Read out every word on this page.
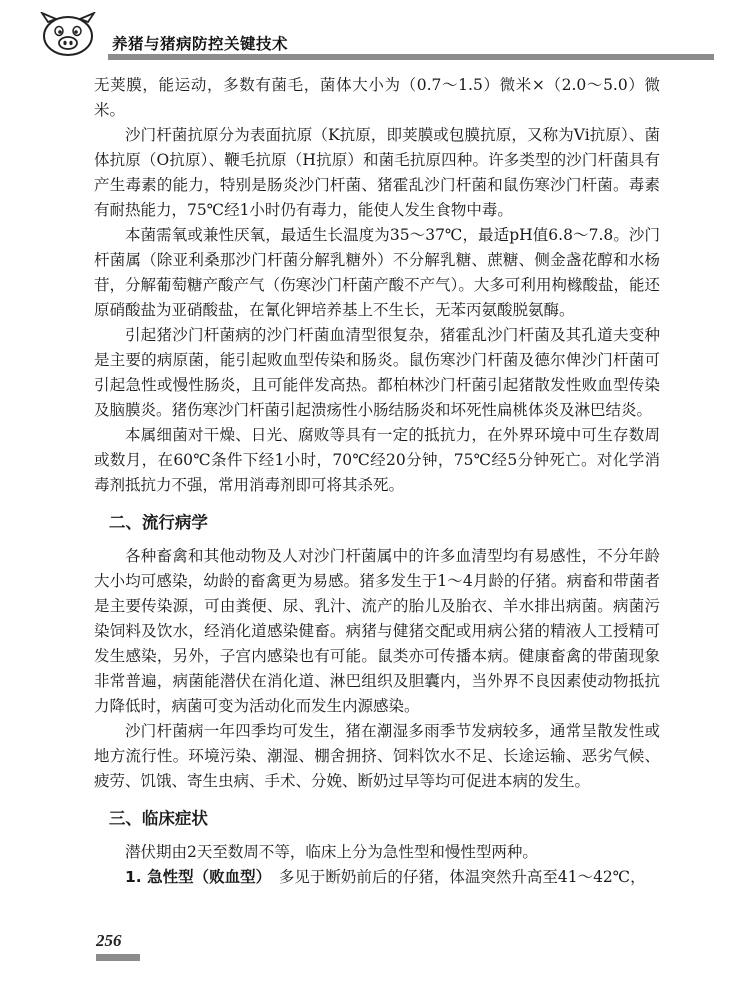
养猪与猪病防控关键技术

无荚膜，能运动，多数有菌毛，菌体大小为（0.7～1.5）微米×（2.0～5.0）微米。

沙门杆菌抗原分为表面抗原（K抗原，即荚膜或包膜抗原，又称为Vi抗原）、菌体抗原（O抗原）、鞭毛抗原（H抗原）和菌毛抗原四种。许多类型的沙门杆菌具有产生毒素的能力，特别是肠炎沙门杆菌、猪霍乱沙门杆菌和鼠伤寒沙门杆菌。毒素有耐热能力，75℃经1小时仍有毒力，能使人发生食物中毒。

本菌需氧或兼性厌氧，最适生长温度为35～37℃，最适pH值6.8～7.8。沙门杆菌属（除亚利桑那沙门杆菌分解乳糖外）不分解乳糖、蔗糖、侧金盏花醇和水杨苷，分解葡萄糖产酸产气（伤寒沙门杆菌产酸不产气）。大多可利用枸橼酸盐，能还原硝酸盐为亚硝酸盐，在氰化钾培养基上不生长，无苯丙氨酸脱氨酶。

引起猪沙门杆菌病的沙门杆菌血清型很复杂，猪霍乱沙门杆菌及其孔道夫变种是主要的病原菌，能引起败血型传染和肠炎。鼠伤寒沙门杆菌及德尔俾沙门杆菌可引起急性或慢性肠炎，且可能伴发高热。都柏林沙门杆菌引起猪散发性败血型传染及脑膜炎。猪伤寒沙门杆菌引起溃疡性小肠结肠炎和坏死性扁桃体炎及淋巴结炎。

本属细菌对干燥、日光、腐败等具有一定的抵抗力，在外界环境中可生存数周或数月，在60℃条件下经1小时，70℃经20分钟，75℃经5分钟死亡。对化学消毒剂抵抗力不强，常用消毒剂即可将其杀死。

二、流行病学

各种畜禽和其他动物及人对沙门杆菌属中的许多血清型均有易感性，不分年龄大小均可感染，幼龄的畜禽更为易感。猪多发生于1～4月龄的仔猪。病畜和带菌者是主要传染源，可由粪便、尿、乳汁、流产的胎儿及胎衣、羊水排出病菌。病菌污染饲料及饮水，经消化道感染健畜。病猪与健猪交配或用病公猪的精液人工授精可发生感染，另外，子宫内感染也有可能。鼠类亦可传播本病。健康畜禽的带菌现象非常普遍，病菌能潜伏在消化道、淋巴组织及胆囊内，当外界不良因素使动物抵抗力降低时，病菌可变为活动化而发生内源感染。

沙门杆菌病一年四季均可发生，猪在潮湿多雨季节发病较多，通常呈散发性或地方流行性。环境污染、潮湿、棚舍拥挤、饲料饮水不足、长途运输、恶劣气候、疲劳、饥饿、寄生虫病、手术、分娩、断奶过早等均可促进本病的发生。

三、临床症状

潜伏期由2天至数周不等，临床上分为急性型和慢性型两种。

1. 急性型（败血型）　 多见于断奶前后的仔猪，体温突然升高至41～42℃，

256
